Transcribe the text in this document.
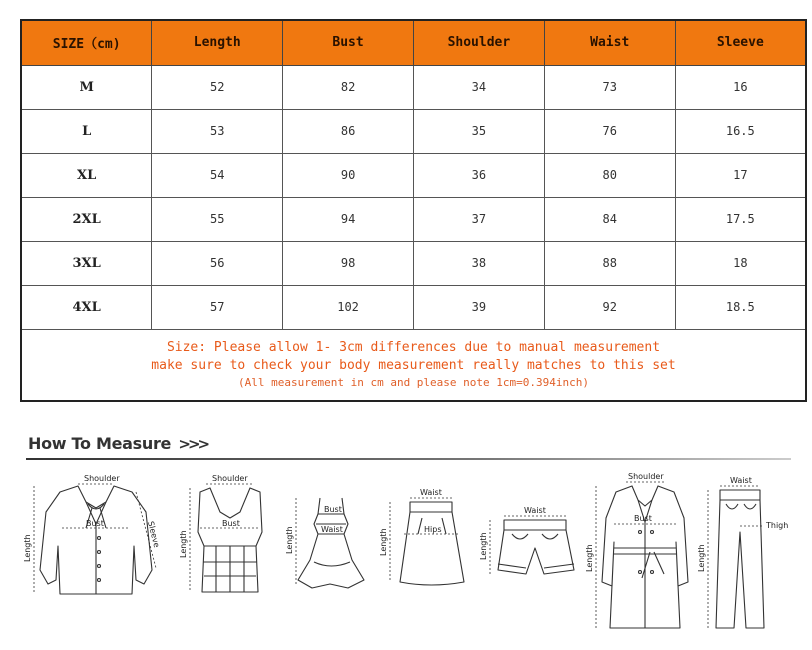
SIZE（cm)	Length	Bust	Shoulder	Waist	Sleeve
M	52	82	34	73	16
L	53	86	35	76	16.5
XL	54	90	36	80	17
2XL	55	94	37	84	17.5
3XL	56	98	38	88	18
4XL	57	102	39	92	18.5

Size: Please allow 1- 3cm differences due to manual measurement
make sure to check your body measurement really matches to this set
(All measurement in cm and please note 1cm=0.394inch)					
How To Measure >>>
Shoulder
Bust
Length	Sleeve
Shoulder
Bust
Length
Bust
Waist
Length
Waist
Hips
Length
Waist
Length
Shoulder
Bust
Length
Waist
Thigh
Length
